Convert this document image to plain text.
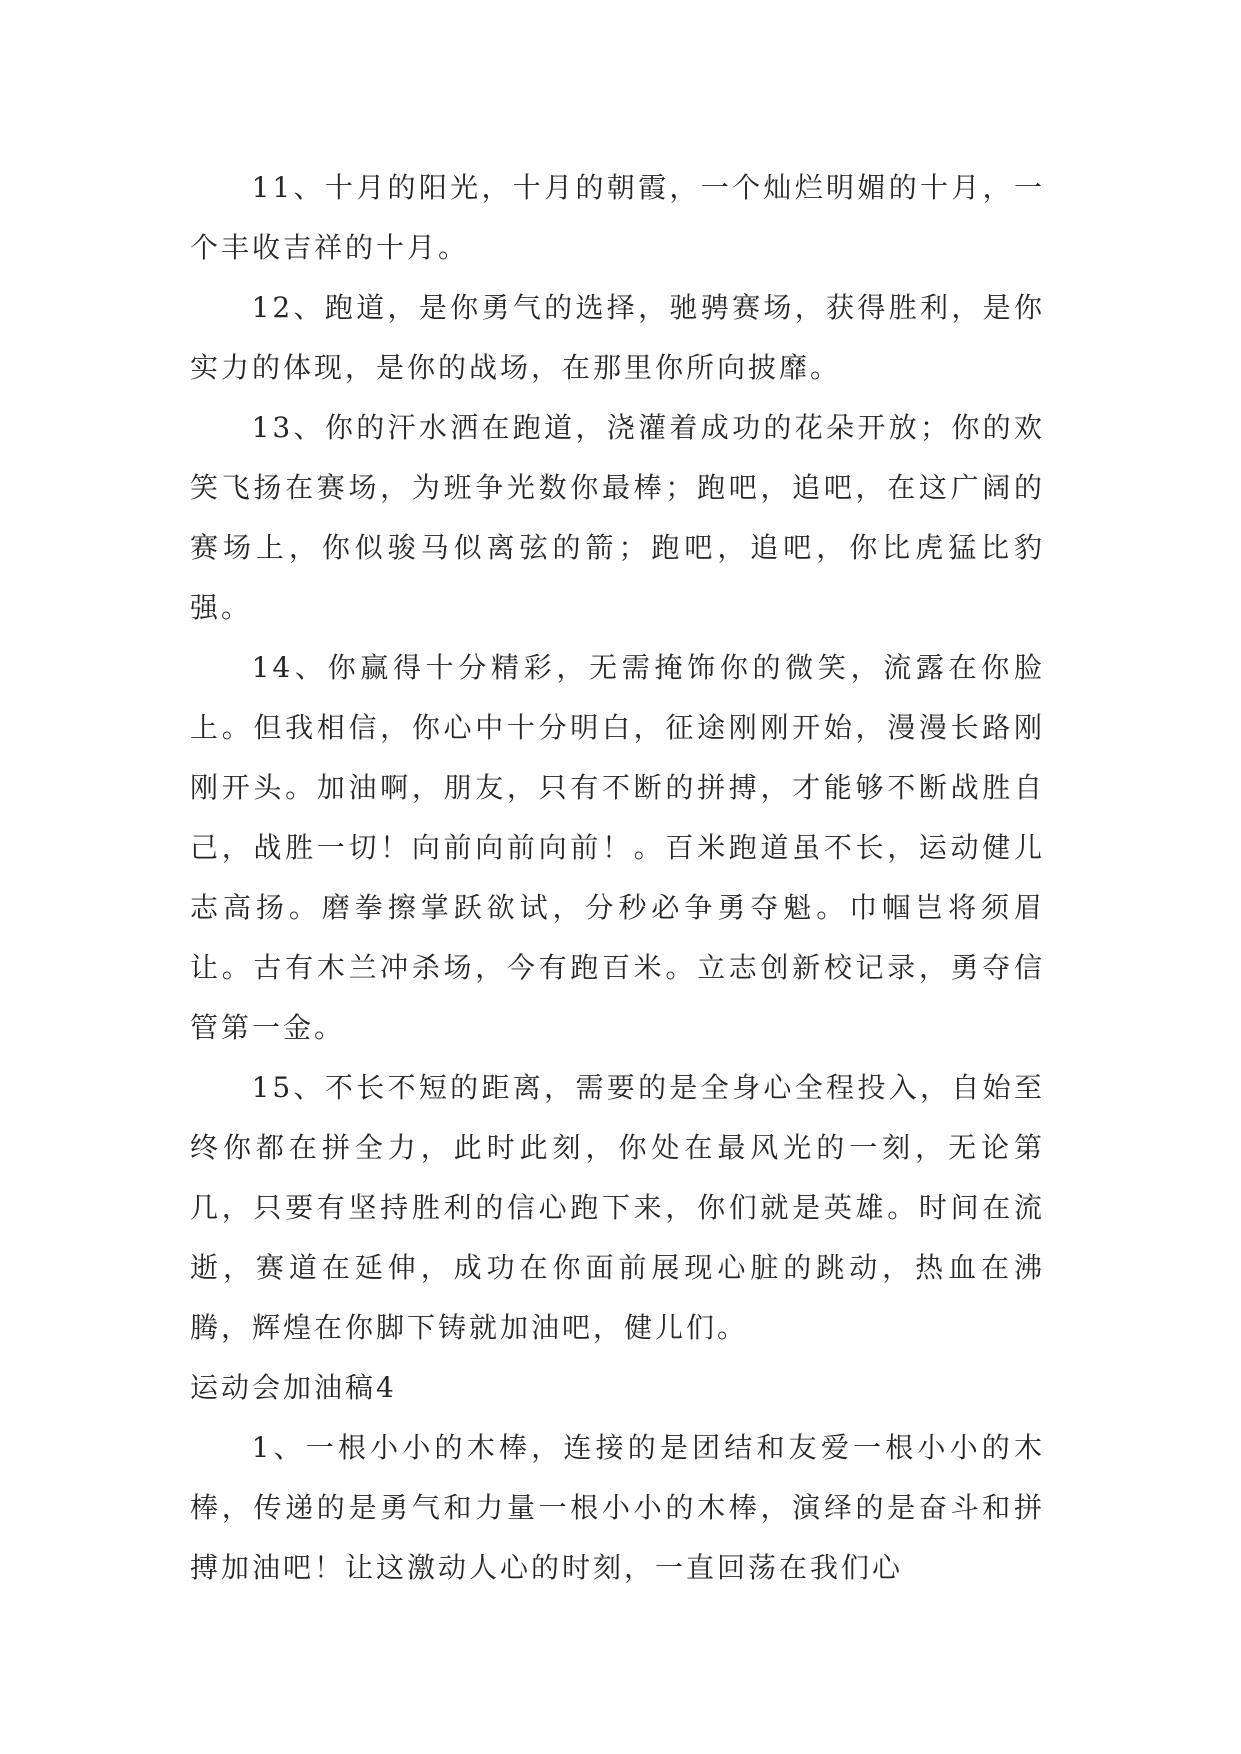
11、十月的阳光，十月的朝霞，一个灿烂明媚的十月，一个丰收吉祥的十月。

12、跑道，是你勇气的选择，驰骋赛场，获得胜利，是你实力的体现，是你的战场，在那里你所向披靡。

13、你的汗水洒在跑道，浇灌着成功的花朵开放；你的欢笑飞扬在赛场，为班争光数你最棒；跑吧，追吧，在这广阔的赛场上，你似骏马似离弦的箭；跑吧，追吧，你比虎猛比豹强。

14、你赢得十分精彩，无需掩饰你的微笑，流露在你脸上。但我相信，你心中十分明白，征途刚刚开始，漫漫长路刚刚开头。加油啊，朋友，只有不断的拼搏，才能够不断战胜自己，战胜一切！向前向前向前！。百米跑道虽不长，运动健儿志高扬。磨拳擦掌跃欲试，分秒必争勇夺魁。巾帼岂将须眉让。古有木兰冲杀场，今有跑百米。立志创新校记录，勇夺信管第一金。

15、不长不短的距离，需要的是全身心全程投入，自始至终你都在拼全力，此时此刻，你处在最风光的一刻，无论第几，只要有坚持胜利的信心跑下来，你们就是英雄。时间在流逝，赛道在延伸，成功在你面前展现心脏的跳动，热血在沸腾，辉煌在你脚下铸就加油吧，健儿们。

运动会加油稿4

1、一根小小的木棒，连接的是团结和友爱一根小小的木棒，传递的是勇气和力量一根小小的木棒，演绎的是奋斗和拼搏加油吧！让这激动人心的时刻，一直回荡在我们心
